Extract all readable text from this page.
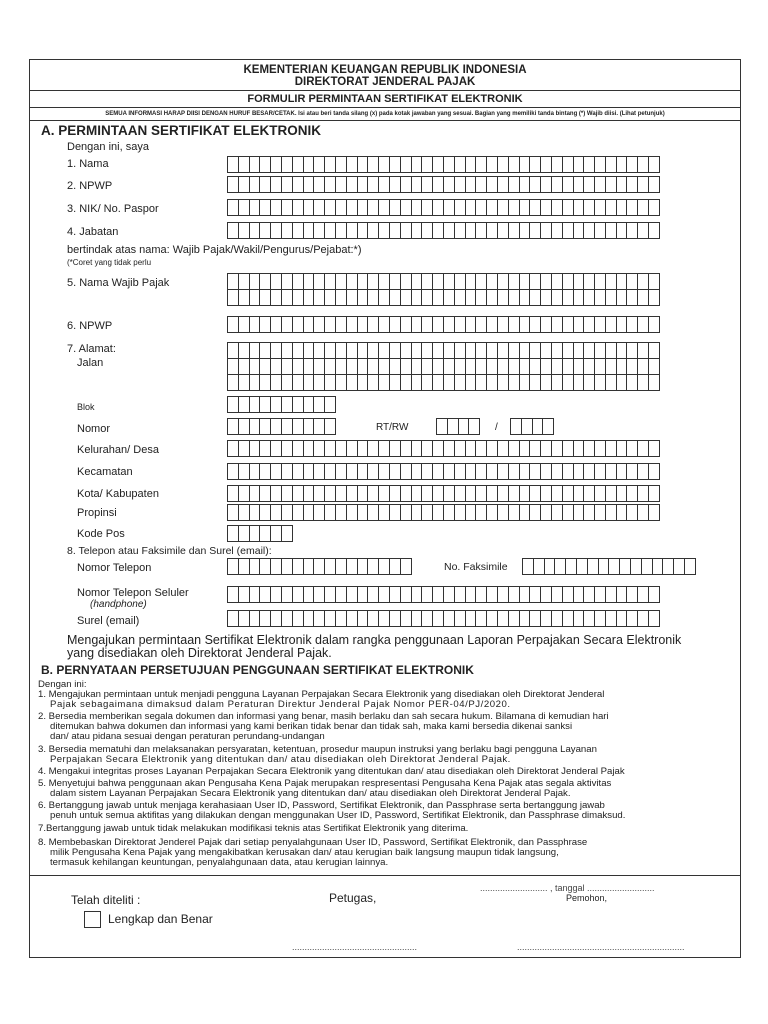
KEMENTERIAN KEUANGAN REPUBLIK INDONESIA
DIREKTORAT JENDERAL PAJAK
FORMULIR PERMINTAAN SERTIFIKAT ELEKTRONIK
SEMUA INFORMASI HARAP DIISI DENGAN HURUF BESAR/CETAK. Isi atau beri tanda silang (x) pada kotak jawaban yang sesuai. Bagian yang memiliki tanda bintang (*) Wajib diisi. (Lihat petunjuk)
A. PERMINTAAN SERTIFIKAT ELEKTRONIK
Dengan ini, saya
1. Nama
2. NPWP
3. NIK/ No. Paspor
4. Jabatan
bertindak atas nama: Wajib Pajak/Wakil/Pengurus/Pejabat:*)
(*Coret yang tidak perlu
5. Nama Wajib Pajak
6. NPWP
7. Alamat:
Jalan
Blok
Nomor	RT/RW	/
Kelurahan/ Desa
Kecamatan
Kota/ Kabupaten
Propinsi
Kode Pos
8. Telepon atau Faksimile dan Surel (email):
Nomor Telepon	No. Faksimile
Nomor Telepon Seluler
(handphone)
Surel (email)
Mengajukan permintaan Sertifikat Elektronik dalam rangka penggunaan Laporan Perpajakan Secara Elektronik
yang disediakan oleh Direktorat Jenderal Pajak.
B. PERNYATAAN PERSETUJUAN PENGGUNAAN SERTIFIKAT ELEKTRONIK
Dengan ini:
1. Mengajukan permintaan untuk menjadi pengguna Layanan Perpajakan Secara Elektronik yang disediakan oleh Direktorat Jenderal
Pajak sebagaimana dimaksud dalam Peraturan Direktur Jenderal Pajak Nomor PER-04/PJ/2020.
2. Bersedia memberikan segala dokumen dan informasi yang benar, masih berlaku dan sah secara hukum. Bilamana di kemudian hari
ditemukan bahwa dokumen dan informasi yang kami berikan tidak benar dan tidak sah, maka kami bersedia dikenai sanksi
dan/ atau pidana sesuai dengan peraturan perundang-undangan
3. Bersedia mematuhi dan melaksanakan persyaratan, ketentuan, prosedur maupun instruksi yang berlaku bagi pengguna Layanan
Perpajakan Secara Elektronik yang ditentukan dan/ atau disediakan oleh Direktorat Jenderal Pajak.
4. Mengakui integritas proses Layanan Perpajakan Secara Elektronik yang ditentukan dan/ atau disediakan oleh Direktorat Jenderal Pajak
5. Menyetujui bahwa penggunaan akan Pengusaha Kena Pajak merupakan respresentasi Pengusaha Kena Pajak atas segala aktivitas
dalam sistem Layanan Perpajakan Secara Elektronik yang ditentukan dan/ atau disediakan oleh Direktorat Jenderal Pajak.
6. Bertanggung jawab untuk menjaga kerahasiaan User ID, Password, Sertifikat Elektronik, dan Passphrase serta bertanggung jawab
penuh untuk semua aktifitas yang dilakukan dengan menggunakan User ID, Password, Sertifikat Elektronik, dan Passphrase dimaksud.
7.Bertanggung jawab untuk tidak melakukan modifikasi teknis atas Sertifikat Elektronik yang diterima.
8. Membebaskan Direktorat Jenderel Pajak dari setiap penyalahgunaan User ID, Password, Sertifikat Elektronik, dan Passphrase
milik Pengusaha Kena Pajak yang mengakibatkan kerusakan dan/ atau kerugian baik langsung maupun tidak langsung,
termasuk kehilangan keuntungan, penyalahgunaan data, atau kerugian lainnya.
Telah diteliti :
Lengkap dan Benar
Petugas,
........................... , tanggal ...........................
Pemohon,
..................................................	...................................................................
